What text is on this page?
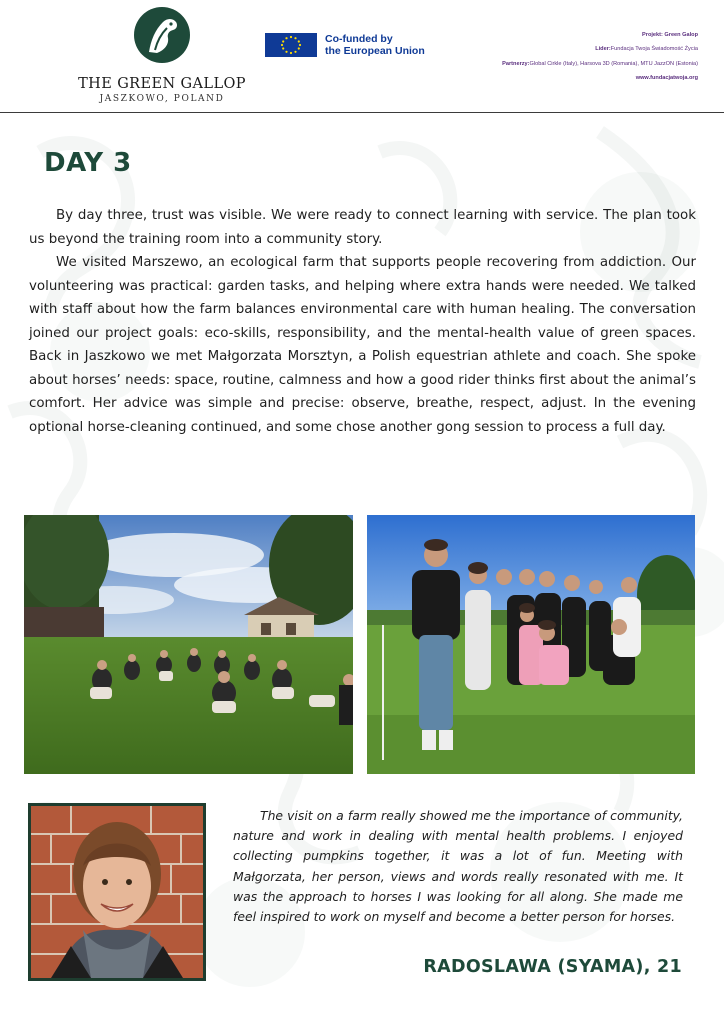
THE GREEN GALLOP
JASZKOWO, POLAND
Co-funded by
the European Union
Projekt: Green Galop
Lider:Fundacja Twoja Świadomość Życia
Partnerzy:Global Cirkle (Italy), Harsova 3D (Romania), MTU JazzON (Estonia)
www.fundacjatwoja.org
DAY 3

By day three, trust was visible. We were ready to connect learning with service. The plan took us beyond the training room into a community story.

We visited Marszewo, an ecological farm that supports people recovering from addiction. Our volunteering was practical: garden tasks, and helping where extra hands were needed. We talked with staff about how the farm balances environmental care with human healing. The conversation joined our project goals: eco-skills, responsibility, and the mental-health value of green spaces. Back in Jaszkowo we met Małgorzata Morsztyn, a Polish equestrian athlete and coach. She spoke about horses’ needs: space, routine, calmness and how a good rider thinks first about the animal’s comfort. Her advice was simple and precise: observe, breathe, respect, adjust. In the evening optional horse-cleaning continued, and some chose another gong session to process a full day.

The visit on a farm really showed me the importance of community, nature and work in dealing with mental health problems. I enjoyed collecting pumpkins together, it was a lot of fun. Meeting with Małgorzata, her person, views and words really resonated with me. It was the approach to horses I was looking for all along. She made me feel inspired to work on myself and become a better person for horses.

RADOSLAWA (SYAMA), 21
